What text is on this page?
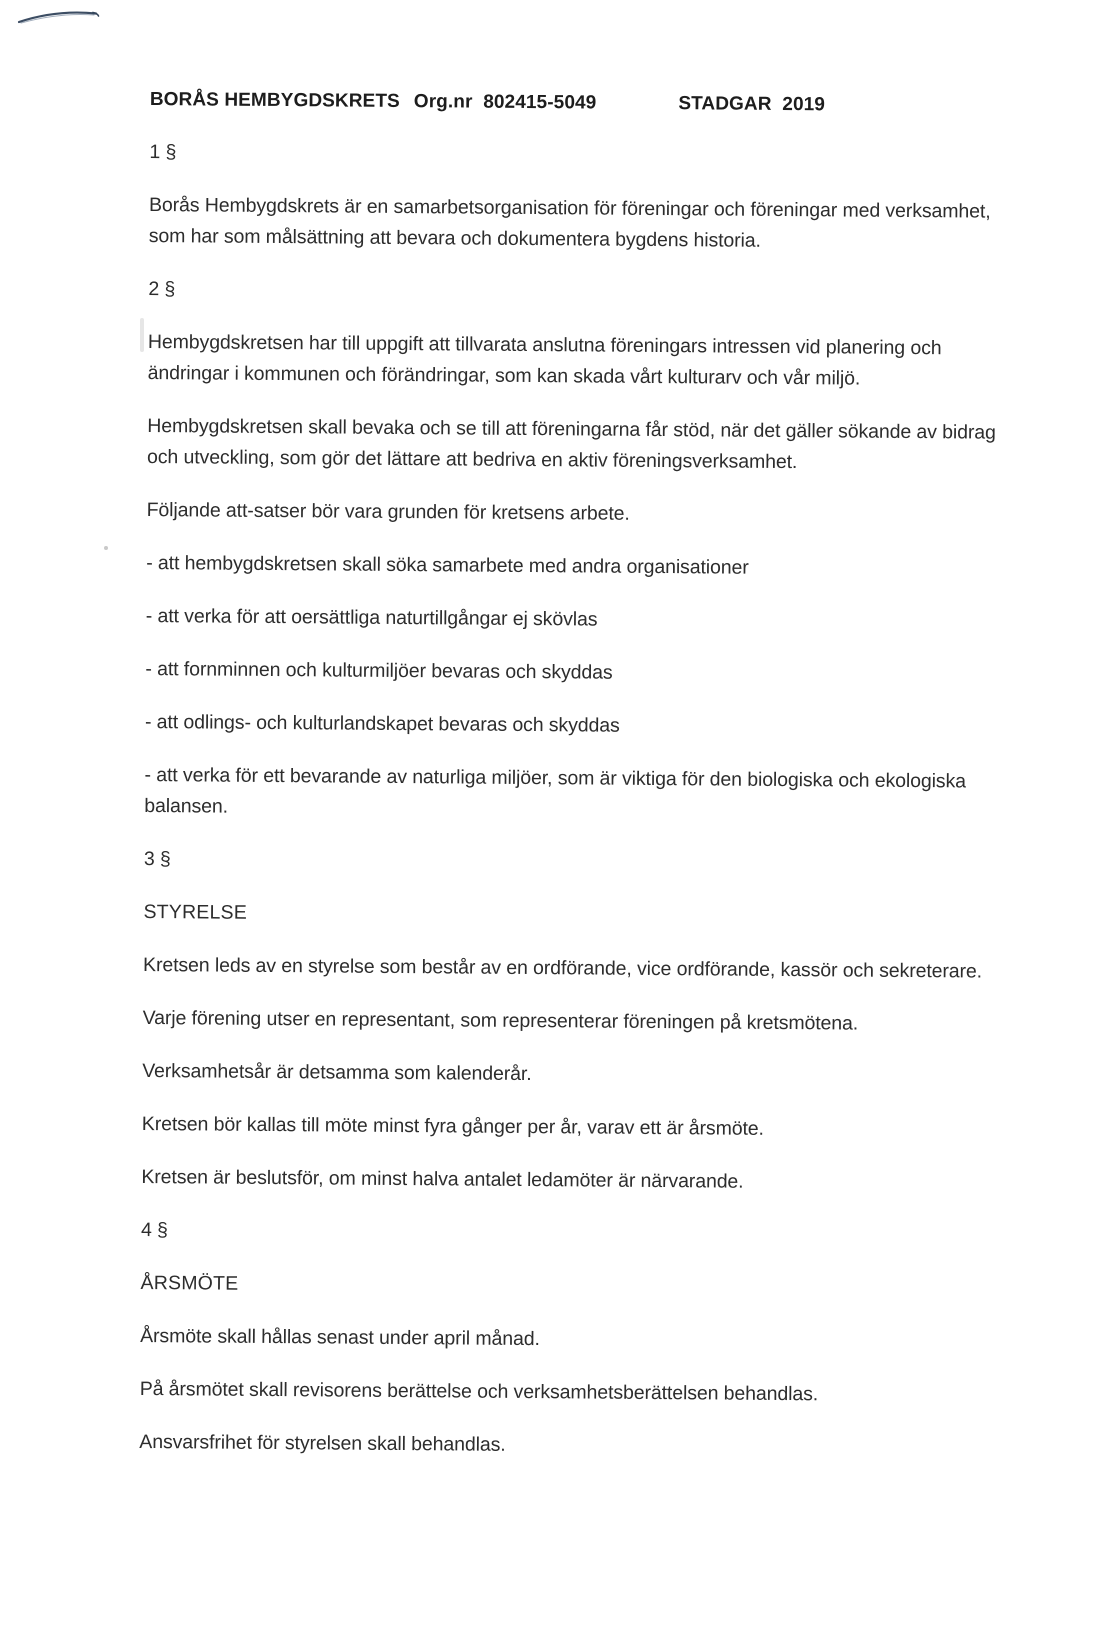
BORÅS HEMBYGDSKRETS Org.nr  802415-5049	STADGAR  2019
1 §
Borås Hembygdskrets är en samarbetsorganisation för föreningar och föreningar med verksamhet,
som har som målsättning att bevara och dokumentera bygdens historia.
2 §
Hembygdskretsen har till uppgift att tillvarata anslutna föreningars intressen vid planering och
ändringar i kommunen och förändringar, som kan skada vårt kulturarv och vår miljö.
Hembygdskretsen skall bevaka och se till att föreningarna får stöd, när det gäller sökande av bidrag
och utveckling, som gör det lättare att bedriva en aktiv föreningsverksamhet.
Följande att-satser bör vara grunden för kretsens arbete.
- att hembygdskretsen skall söka samarbete med andra organisationer
- att verka för att oersättliga naturtillgångar ej skövlas
- att fornminnen och kulturmiljöer bevaras och skyddas
- att odlings- och kulturlandskapet bevaras och skyddas
- att verka för ett bevarande av naturliga miljöer, som är viktiga för den biologiska och ekologiska
balansen.
3 §
STYRELSE
Kretsen leds av en styrelse som består av en ordförande, vice ordförande, kassör och sekreterare.
Varje förening utser en representant, som representerar föreningen på kretsmötena.
Verksamhetsår är detsamma som kalenderår.
Kretsen bör kallas till möte minst fyra gånger per år, varav ett är årsmöte.
Kretsen är beslutsför, om minst halva antalet ledamöter är närvarande.
4 §
ÅRSMÖTE
Årsmöte skall hållas senast under april månad.
På årsmötet skall revisorens berättelse och verksamhetsberättelsen behandlas.
Ansvarsfrihet för styrelsen skall behandlas.
